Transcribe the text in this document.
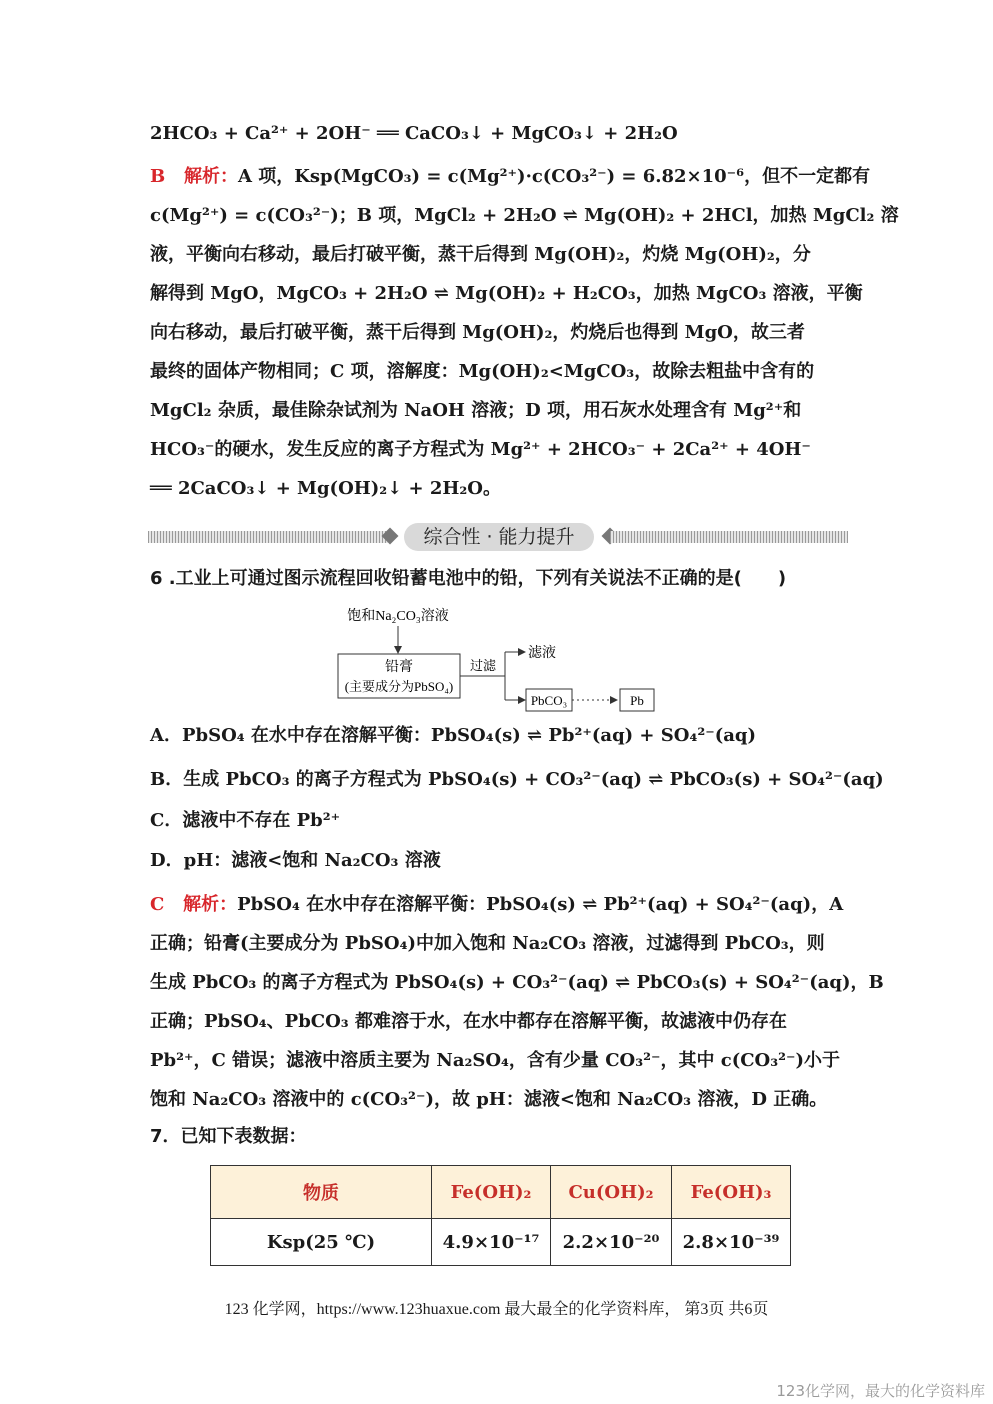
2HCO₃ + Ca²⁺ + 2OH⁻ ══ CaCO₃↓ + MgCO₃↓ + 2H₂O
B 解析：A 项，Ksp(MgCO₃) = c(Mg²⁺)·c(CO₃²⁻) = 6.82×10⁻⁶，但不一定都有
c(Mg²⁺) = c(CO₃²⁻)；B 项，MgCl₂ + 2H₂O ⇌ Mg(OH)₂ + 2HCl，加热 MgCl₂ 溶
液，平衡向右移动，最后打破平衡，蒸干后得到 Mg(OH)₂，灼烧 Mg(OH)₂，分
解得到 MgO，MgCO₃ + 2H₂O ⇌ Mg(OH)₂ + H₂CO₃，加热 MgCO₃ 溶液，平衡
向右移动，最后打破平衡，蒸干后得到 Mg(OH)₂，灼烧后也得到 MgO，故三者
最终的固体产物相同；C 项，溶解度：Mg(OH)₂<MgCO₃，故除去粗盐中含有的
MgCl₂ 杂质，最佳除杂试剂为 NaOH 溶液；D 项，用石灰水处理含有 Mg²⁺和
HCO₃⁻的硬水，发生反应的离子方程式为 Mg²⁺ + 2HCO₃⁻ + 2Ca²⁺ + 4OH⁻
══ 2CaCO₃↓ + Mg(OH)₂↓ + 2H₂O。
综合性 · 能力提升
6 .工业上可通过图示流程回收铅蓄电池中的铅，下列有关说法不正确的是(　　)
饱和Na₂CO₃溶液
铅膏
(主要成分为PbSO₄)
过滤
滤液
PbCO₃	Pb
A．PbSO₄ 在水中存在溶解平衡：PbSO₄(s) ⇌ Pb²⁺(aq) + SO₄²⁻(aq)
B．生成 PbCO₃ 的离子方程式为 PbSO₄(s) + CO₃²⁻(aq) ⇌ PbCO₃(s) + SO₄²⁻(aq)
C．滤液中不存在 Pb²⁺
D．pH：滤液<饱和 Na₂CO₃ 溶液
C 解析：PbSO₄ 在水中存在溶解平衡：PbSO₄(s) ⇌ Pb²⁺(aq) + SO₄²⁻(aq)，A
正确；铅膏(主要成分为 PbSO₄)中加入饱和 Na₂CO₃ 溶液，过滤得到 PbCO₃，则
生成 PbCO₃ 的离子方程式为 PbSO₄(s) + CO₃²⁻(aq) ⇌ PbCO₃(s) + SO₄²⁻(aq)，B
正确；PbSO₄、PbCO₃ 都难溶于水，在水中都存在溶解平衡，故滤液中仍存在
Pb²⁺，C 错误；滤液中溶质主要为 Na₂SO₄，含有少量 CO₃²⁻，其中 c(CO₃²⁻)小于
饱和 Na₂CO₃ 溶液中的 c(CO₃²⁻)，故 pH：滤液<饱和 Na₂CO₃ 溶液，D 正确。
7．已知下表数据：
物质	Fe(OH)₂	Cu(OH)₂	Fe(OH)₃
Ksp(25 ℃)	4.9×10⁻¹⁷	2.2×10⁻²⁰	2.8×10⁻³⁹
123 化学网，https://www.123huaxue.com 最大最全的化学资料库， 第3页 共6页
123化学网，最大的化学资料库
